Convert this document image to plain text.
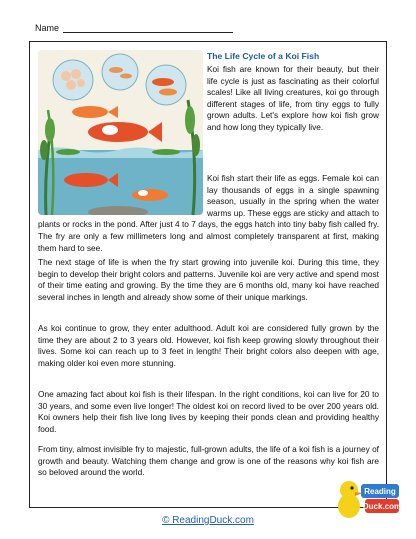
Name
The Life Cycle of a Koi Fish

Koi fish are known for their beauty, but their life cycle is just as fascinating as their colorful scales! Like all living creatures, koi go through different stages of life, from tiny eggs to fully grown adults. Let's explore how koi fish grow and how long they typically live.

Koi fish start their life as eggs. Female koi can lay thousands of eggs in a single spawning season, usually in the spring when the water warms up. These eggs are sticky and attach to plants or rocks in the pond. After just 4 to 7 days, the eggs hatch into tiny baby fish called fry. The fry are only a few millimeters long and almost completely transparent at first, making them hard to see.

The next stage of life is when the fry start growing into juvenile koi. During this time, they begin to develop their bright colors and patterns. Juvenile koi are very active and spend most of their time eating and growing. By the time they are 6 months old, many koi have reached several inches in length and already show some of their unique markings.

As koi continue to grow, they enter adulthood. Adult koi are considered fully grown by the time they are about 2 to 3 years old. However, koi fish keep growing slowly throughout their lives. Some koi can reach up to 3 feet in length! Their bright colors also deepen with age, making older koi even more stunning.

One amazing fact about koi fish is their lifespan. In the right conditions, koi can live for 20 to 30 years, and some even live longer! The oldest koi on record lived to be over 200 years old. Koi owners help their fish live long lives by keeping their ponds clean and providing healthy food.

From tiny, almost invisible fry to majestic, full-grown adults, the life of a koi fish is a journey of growth and beauty. Watching them change and grow is one of the reasons why koi fish are so beloved around the world.

© ReadingDuck.com
Reading
Duck.com
